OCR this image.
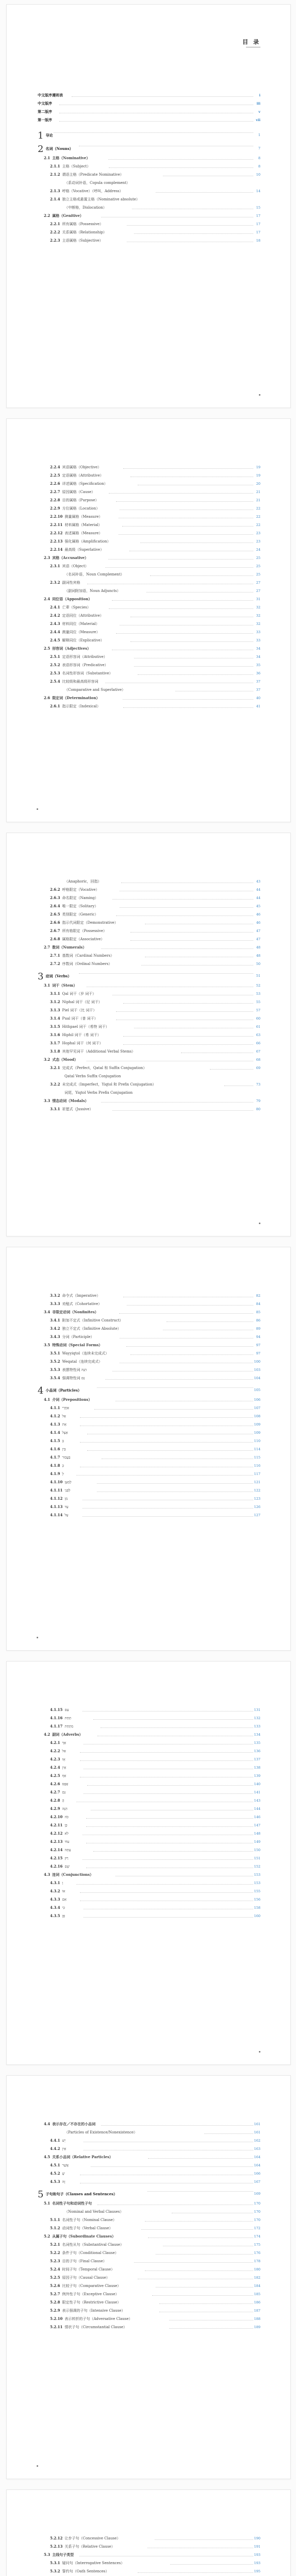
目 录
中文版序遵则表	i
中文版序	iii
第二版序	v
第一版序	vii
1 导论	1
2 名词（Nouns）	7
2.1 主格（Nominative）	8
2.1.1 主格（Subject）	8
2.1.2 谓语主格（Predicate Nominative）	10
（系动词补语，Copula complement）
2.1.3 呼格（Vocative）（呼叫，Address）	14
2.1.4 独立主格或悬置主格（Nominative absolute）
（中断格，Dislocation）	15
2.2 属格（Genitive）	17
2.2.1 所有属格（Possessive）	17
2.2.2 关系属格（Relationship）	17
2.2.3 主语属格（Subjective）	18
2.2.4 宾语属格（Objective）	19
2.2.5 定语属格（Attributive）	19
2.2.6 详述属格（Specification）	20
2.2.7 原因属格（Cause）	21
2.2.8 目的属格（Purpose）	21
2.2.9 方位属格（Location）	22
2.2.10 测量属格（Measure）	22
2.2.11 材料属格（Material）	22
2.2.12 表述属格（Measure）	23
2.2.13 强化属格（Amplification）	23
2.2.14 最高级（Superlative）	24
2.3 宾格（Accusative）	25
2.3.1 宾语（Object）	25
（名词补语，Noun Complement）	25
2.3.2 副词性宾格	27
（副词附加语，Noun Adjuncts）	27
2.4 同位语（Apposition）	31
2.4.1 亡辈（Species）	32
2.4.2 定语同位（Attributive）	32
2.4.3 材料同位（Material）	32
2.4.4 测量同位（Measure）	33
2.4.5 解释同位（Explicative）	33
2.5 形容词（Adjectives）	34
2.5.1 定语形容词（Attributive）	34
2.5.2 表语形容词（Predicative）	35
2.5.3 名词性形容词（Substantive）	36
2.5.4 比较级和最高级形容词	37
（Comparative and Superlative）	37
2.6 限定词（Determination）	40
2.6.1 指示限定（Indexical）	41
（Anaphoric，回指）	43
2.6.2 呼格限定（Vocative）	44
2.6.3 命名限定（Naming）	44
2.6.4 唯一限定（Solitary）	45
2.6.5 类别限定（Generic）	46
2.6.6 指示代词限定（Demonstrative）	46
2.6.7 所有格限定（Possessive）	47
2.6.8 属格限定（Associative）	47
2.7 数词（Numerals）	48
2.7.1 基数词（Cardinal Numbers）	48
2.7.2 序数词（Ordinal Numbers）	50
3 动词（Verbs）	51
3.1 词干（Stem）	52
3.1.1 Qal 词干（岁 词干）	53
3.1.2 Niphal 词干（尼 词干）	55
3.1.3 Piel 词干（比 词干）	57
3.1.4 Pual 词干（普 词干）	60
3.1.5 Hithpael 词干（希特 词干）	61
3.1.6 Hiphil 词干（希 词干）	63
3.1.7 Hophal 词干（何 词干）	66
3.1.8 其他罕见词干（Additional Verbal Stems）	67
3.2 式态（Mood）	68
3.2.1 完成式（Perfect，Qatal 和 Suffix Conjugation）	69
Qatal Verbs Suffix Conjugation
3.2.2 未完成式（Imperfect，Yiqtol 和 Prefix Conjugation）	73
词尾，Yiqtol Verbs Prefix Conjugation
3.3 情态动词（Modals）	79
3.3.1 祈愿式（Jussive）	80
3.3.2 命令式（Imperative）	82
3.3.3 劝勉式（Cohortative）	84
3.4 非限定动词（Nonfinites）	85
3.4.1 附加不定式（Infinitive Construct）	86
3.4.2 独立不定式（Infinitive Absolute）	89
3.4.3 分词（Participle）	94
3.5 特殊动词（Special Forms）	97
3.5.1 Wayyiqtol（连续未完成式）	97
3.5.2 Weqatal（连续完成式）	100
3.5.3 表摆特性词 הִנֵּה	103
3.5.4 强调特性词 גַּם	104
4 小品词（Particles）	105
4.1 介词（Prepositions）	106
4.1.1 אַחֲרֵי	107
4.1.2 אֵל	108
4.1.3 אֵת	109
4.1.4 אֵצֶל	109
4.1.5 בְּ	110
4.1.6 בֵּין	114
4.1.7 בַּעֲבוּר	115
4.1.8 כְּ	116
4.1.9 לְ	117
4.1.10 לְמַעַן	121
4.1.11 לִפְנֵי	122
4.1.12 מִן	123
4.1.13 עַד	126
4.1.14 עַל	127
4.1.15 עִם	131
4.1.16 תַּחַת	132
4.1.17 מִתַּחַת	133
4.2 副词（Adverbs）	134
4.2.1 אַךְ	135
4.2.2 אַל	136
4.2.3 אָז	137
4.2.4 אֵין	138
4.2.5 אַף	139
4.2.6 אֶפֶס	140
4.2.7 גַּם	141
4.2.8 הֲ	143
4.2.9 הִנֵּה	144
4.2.10 כֹּה	146
4.2.11 כֵּן	147
4.2.12 לֹא	148
4.2.13 עוֹד	149
4.2.14 עַתָּה	150
4.2.15 רַק	151
4.2.16 שָׁם	152
4.3 连词（Conjunctions）	153
4.3.1 וְ	153
4.3.2 אוֹ	155
4.3.3 אִם	156
4.3.4 כִּי	158
4.3.5 פֶּן	160
4.4 表示存在／不存在的小品词	161
（Particles of Existence/Nonexistence）	161
4.4.1 יֵשׁ	162
4.4.2 אֵין	163
4.5 关系小品词（Relative Particles）	164
4.5.1 אֲשֶׁר	164
4.5.2 שֶׁ	166
4.5.3 זֶה	167
5 子句和句子（Clauses and Sentences）	169
5.1 名词性子句和动词性子句	170
（Nominal and Verbal Clauses）	170
5.1.1 名词性子句（Nominal Clause）	170
5.1.2 动词性子句（Verbal Clause）	172
5.2 从属子句（Subordinate Clauses）	174
5.2.1 名词性从句（Substantival Clause）	175
5.2.2 条件子句（Conditional Clause）	176
5.2.3 目的子句（Final Clause）	178
5.2.4 时间子句（Temporal Clause）	180
5.2.5 原因子句（Causal Clause）	182
5.2.6 比较子句（Comparative Clause）	184
5.2.7 例外性子句（Exceptive Clause）	185
5.2.8 限定性子句（Restrictive Clause）	186
5.2.9 表示强调的子句（Intensive Clause）	187
5.2.10 表示转折的子句（Adversative Clause）	188
5.2.11 情状子句（Circumstantial Clause）	189
5.2.12 让步子句（Concessive Clause）	190
5.2.13 关系子句（Relative Clause）	191
5.3 主线句子类型	193
5.3.1 疑问句（Interrogative Sentences）	193
5.3.2 誓约句（Oath Sentences）	195
